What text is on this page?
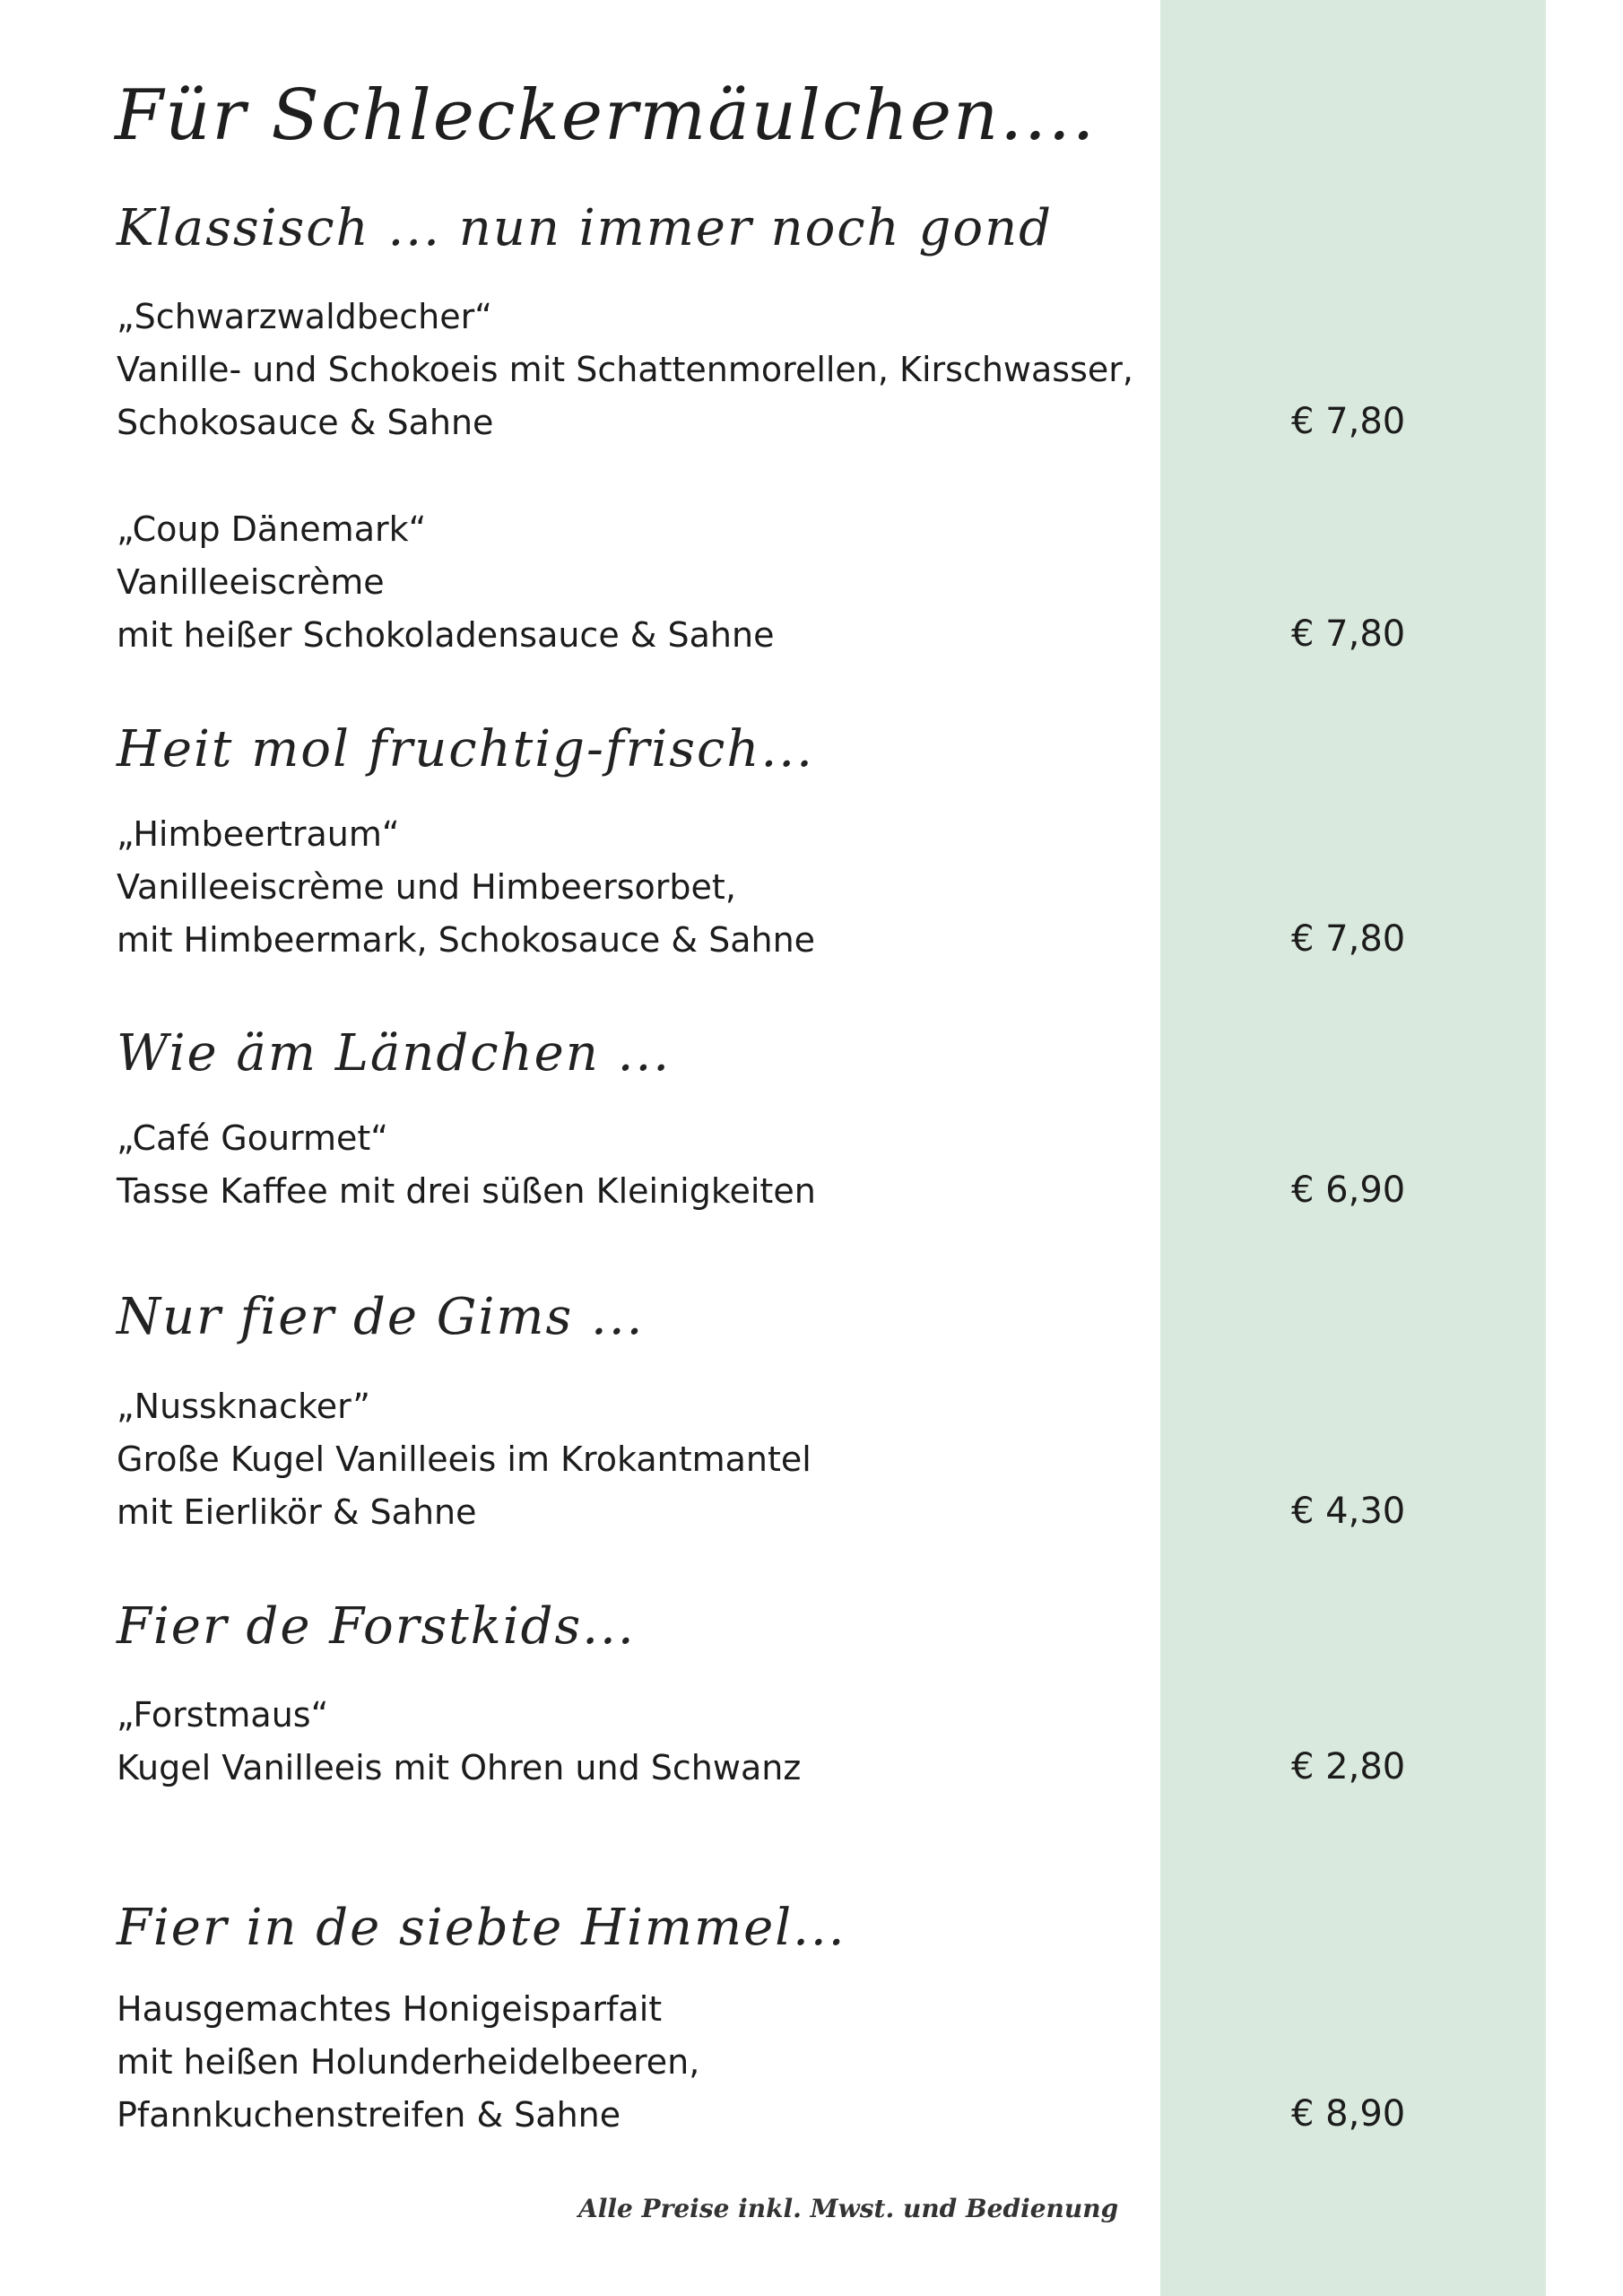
Für Schleckermäulchen....
Klassisch ... nun immer noch gond
„Schwarzwaldbecher“
Vanille- und Schokoeis mit Schattenmorellen, Kirschwasser,
Schokosauce & Sahne	€ 7,80
„Coup Dänemark“
Vanilleeiscrème
mit heißer Schokoladensauce & Sahne	€ 7,80
Heit mol fruchtig-frisch...
„Himbeertraum“
Vanilleeiscrème und Himbeersorbet,
mit Himbeermark, Schokosauce & Sahne	€ 7,80
Wie äm Ländchen ...
„Café Gourmet“
Tasse Kaffee mit drei süßen Kleinigkeiten	€ 6,90
Nur fier de Gims ...
„Nussknacker”
Große Kugel Vanilleeis im Krokantmantel
mit Eierlikör & Sahne	€ 4,30
Fier de Forstkids...
„Forstmaus“
Kugel Vanilleeis mit Ohren und Schwanz	€ 2,80
Fier in de siebte Himmel...
Hausgemachtes Honigeisparfait
mit heißen Holunderheidelbeeren,
Pfannkuchenstreifen & Sahne	€ 8,90
Alle Preise inkl. Mwst. und Bedienung
